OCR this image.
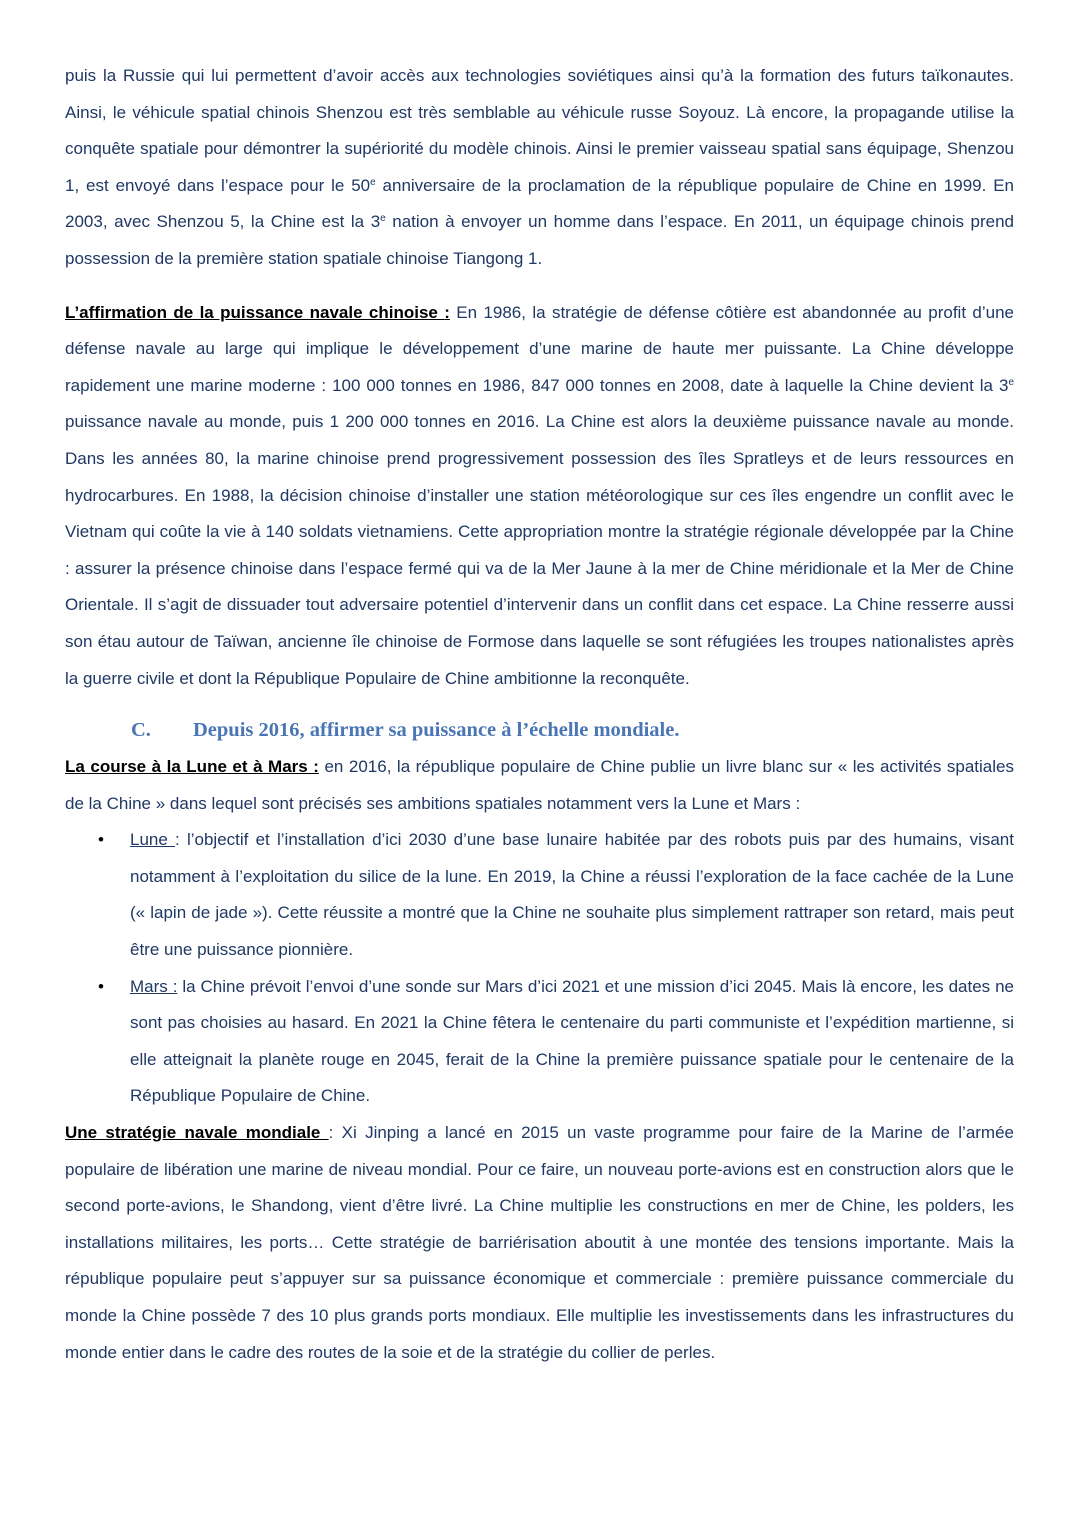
puis la Russie qui lui permettent d’avoir accès aux technologies soviétiques ainsi qu’à la formation des futurs taïkonautes. Ainsi, le véhicule spatial chinois Shenzou est très semblable au véhicule russe Soyouz. Là encore, la propagande utilise la conquête spatiale pour démontrer la supériorité du modèle chinois. Ainsi le premier vaisseau spatial sans équipage, Shenzou 1, est envoyé dans l’espace pour le 50e anniversaire de la proclamation de la république populaire de Chine en 1999. En 2003, avec Shenzou 5, la Chine est la 3e nation à envoyer un homme dans l’espace. En 2011, un équipage chinois prend possession de la première station spatiale chinoise Tiangong 1.

L’affirmation de la puissance navale chinoise : En 1986, la stratégie de défense côtière est abandonnée au profit d’une défense navale au large qui implique le développement d’une marine de haute mer puissante. La Chine développe rapidement une marine moderne : 100 000 tonnes en 1986, 847 000 tonnes en 2008, date à laquelle la Chine devient la 3e puissance navale au monde, puis 1 200 000 tonnes en 2016. La Chine est alors la deuxième puissance navale au monde. Dans les années 80, la marine chinoise prend progressivement possession des îles Spratleys et de leurs ressources en hydrocarbures. En 1988, la décision chinoise d’installer une station météorologique sur ces îles engendre un conflit avec le Vietnam qui coûte la vie à 140 soldats vietnamiens. Cette appropriation montre la stratégie régionale développée par la Chine : assurer la présence chinoise dans l’espace fermé qui va de la Mer Jaune à la mer de Chine méridionale et la Mer de Chine Orientale. Il s’agit de dissuader tout adversaire potentiel d’intervenir dans un conflit dans cet espace. La Chine resserre aussi son étau autour de Taïwan, ancienne île chinoise de Formose dans laquelle se sont réfugiées les troupes nationalistes après la guerre civile et dont la République Populaire de Chine ambitionne la reconquête.

C. Depuis 2016, affirmer sa puissance à l’échelle mondiale.

La course à la Lune et à Mars : en 2016, la république populaire de Chine publie un livre blanc sur « les activités spatiales de la Chine » dans lequel sont précisés ses ambitions spatiales notamment vers la Lune et Mars :

• Lune : l’objectif et l’installation d’ici 2030 d’une base lunaire habitée par des robots puis par des humains, visant notamment à l’exploitation du silice de la lune. En 2019, la Chine a réussi l’exploration de la face cachée de la Lune (« lapin de jade »). Cette réussite a montré que la Chine ne souhaite plus simplement rattraper son retard, mais peut être une puissance pionnière.
• Mars : la Chine prévoit l’envoi d’une sonde sur Mars d’ici 2021 et une mission d’ici 2045. Mais là encore, les dates ne sont pas choisies au hasard. En 2021 la Chine fêtera le centenaire du parti communiste et l’expédition martienne, si elle atteignait la planète rouge en 2045, ferait de la Chine la première puissance spatiale pour le centenaire de la République Populaire de Chine.

Une stratégie navale mondiale : Xi Jinping a lancé en 2015 un vaste programme pour faire de la Marine de l’armée populaire de libération une marine de niveau mondial. Pour ce faire, un nouveau porte-avions est en construction alors que le second porte-avions, le Shandong, vient d’être livré. La Chine multiplie les constructions en mer de Chine, les polders, les installations militaires, les ports… Cette stratégie de barriérisation aboutit à une montée des tensions importante. Mais la république populaire peut s’appuyer sur sa puissance économique et commerciale : première puissance commerciale du monde la Chine possède 7 des 10 plus grands ports mondiaux. Elle multiplie les investissements dans les infrastructures du monde entier dans le cadre des routes de la soie et de la stratégie du collier de perles.
